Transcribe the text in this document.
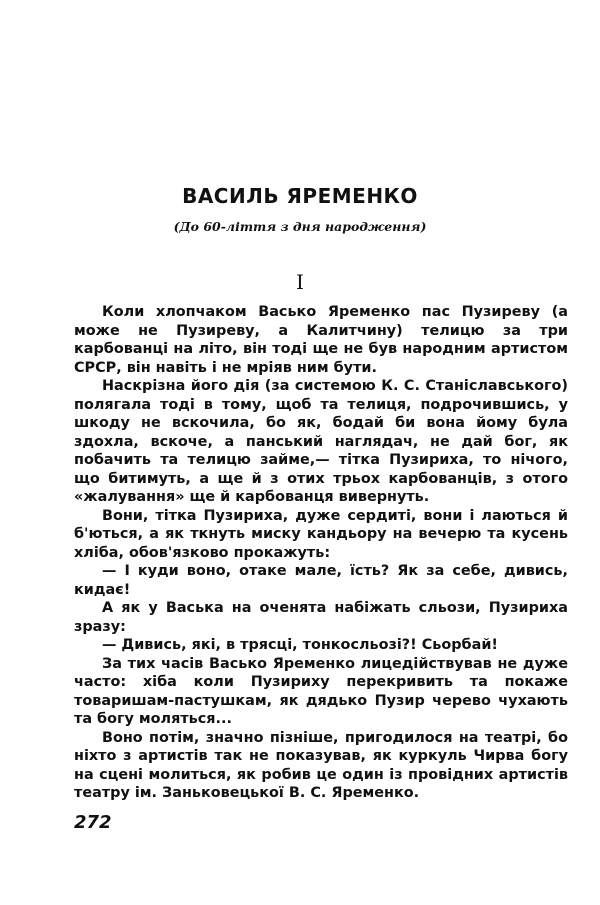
ВАСИЛЬ ЯРЕМЕНКО
(До 60-ліття з дня народження)
I

Коли хлопчаком Васько Яременко пас Пузиреву (а може не Пузиреву, а Калитчину) телицю за три карбованці на літо, він тоді ще не був народним артистом СРСР, він навіть і не мріяв ним бути.

Наскрізна його дія (за системою К. С. Станіславського) полягала тоді в тому, щоб та телиця, подрочившись, у шкоду не вскочила, бо як, бодай би вона йому була здохла, вскоче, а панський наглядач, не дай бог, як побачить та телицю займе,— тітка Пузириха, то нічого, що битимуть, а ще й з отих трьох карбованців, з отого «жалування» ще й карбованця вивернуть.

Вони, тітка Пузириха, дуже сердиті, вони і лаються й б'ються, а як ткнуть миску кандьору на вечерю та кусень хліба, обов'язково прокажуть:

— І куди воно, отаке мале, їсть? Як за себе, дивись, кидає!

А як у Васька на оченята набіжать сльози, Пузириха зразу:

— Дивись, які, в трясці, тонкосльозі?! Сьорбай!

За тих часів Васько Яременко лицедійствував не дуже часто: хіба коли Пузириху перекривить та покаже товаришам-пастушкам, як дядько Пузир черево чухають та богу моляться...

Воно потім, значно пізніше, пригодилося на театрі, бо ніхто з артистів так не показував, як куркуль Чирва богу на сцені молиться, як робив це один із провідних артистів театру ім. Заньковецької В. С. Яременко.

272
